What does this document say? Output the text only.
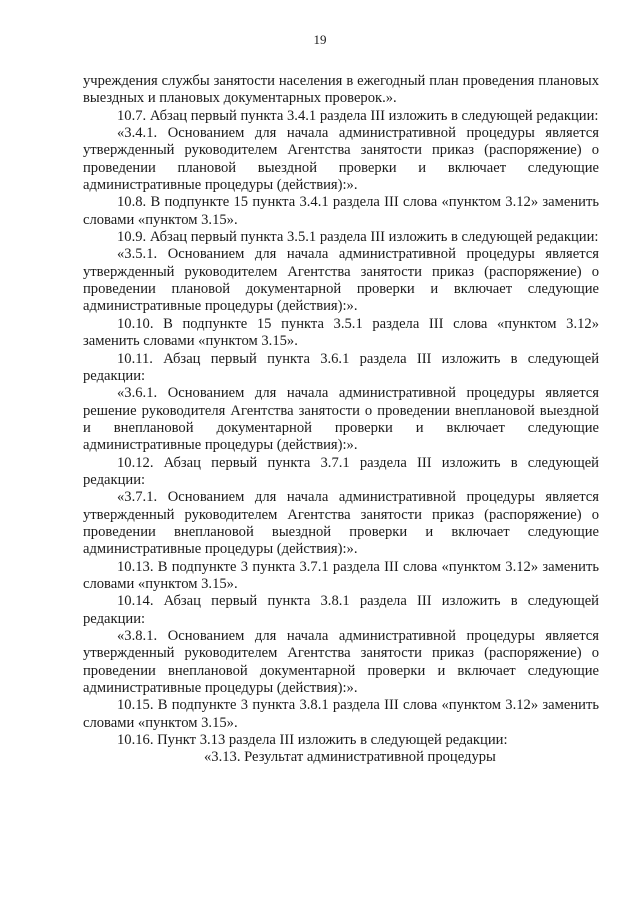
19

учреждения службы занятости населения в ежегодный план проведения плановых выездных и плановых документарных проверок.».

10.7. Абзац первый пункта 3.4.1 раздела III изложить в следующей редакции:

«3.4.1. Основанием для начала административной процедуры является утвержденный руководителем Агентства занятости приказ (распоряжение) о проведении плановой выездной проверки и включает следующие административные процедуры (действия):».

10.8. В подпункте 15 пункта 3.4.1 раздела III слова «пунктом 3.12» заменить словами «пунктом 3.15».

10.9. Абзац первый пункта 3.5.1 раздела III изложить в следующей редакции:

«3.5.1. Основанием для начала административной процедуры является утвержденный руководителем Агентства занятости приказ (распоряжение) о проведении плановой документарной проверки и включает следующие административные процедуры (действия):».

10.10. В подпункте 15 пункта 3.5.1 раздела III слова «пунктом 3.12» заменить словами «пунктом 3.15».

10.11. Абзац первый пункта 3.6.1 раздела III изложить в следующей редакции:

«3.6.1. Основанием для начала административной процедуры является решение руководителя Агентства занятости о проведении внеплановой выездной и внеплановой документарной проверки и включает следующие административные процедуры (действия):».

10.12. Абзац первый пункта 3.7.1 раздела III изложить в следующей редакции:

«3.7.1. Основанием для начала административной процедуры является утвержденный руководителем Агентства занятости приказ (распоряжение) о проведении внеплановой выездной проверки и включает следующие административные процедуры (действия):».

10.13. В подпункте 3 пункта 3.7.1 раздела III слова «пунктом 3.12» заменить словами «пунктом 3.15».

10.14. Абзац первый пункта 3.8.1 раздела III изложить в следующей редакции:

«3.8.1. Основанием для начала административной процедуры является утвержденный руководителем Агентства занятости приказ (распоряжение) о проведении внеплановой документарной проверки и включает следующие административные процедуры (действия):».

10.15. В подпункте 3 пункта 3.8.1 раздела III слова «пунктом 3.12» заменить словами «пунктом 3.15».

10.16. Пункт 3.13 раздела III изложить в следующей редакции:

«3.13. Результат административной процедуры
